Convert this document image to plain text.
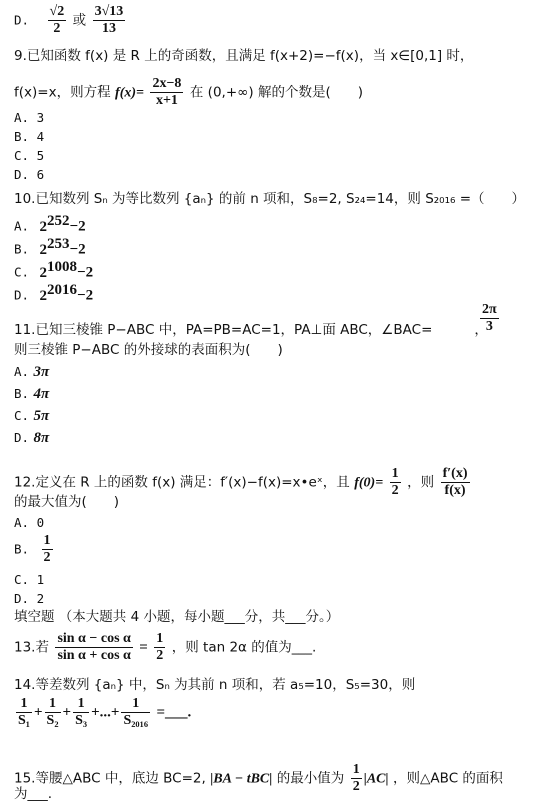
D. $\frac{√2}{2}$ 或 $\frac{3√13}{13}$
9.已知函数 f(x) 是 R 上的奇函数，且满足 f(x+2)=−f(x)，当 x∈[0,1] 时，
f(x)=x，则方程 $f(x)= \frac{2x-8}{x+1}$ 在 (0,+∞) 解的个数是(　　)
A. 3
B. 4
C. 5
D. 6
10.已知数列 Sₙ 为等比数列 {aₙ} 的前 n 项和，S₈=2, S₂₄=14，则 S₂₀₁₆ =（　　）
A. $2^{252}-2$
B. $2^{253}-2$
C. $2^{1008}-2$
D. $2^{2016}-2$
$\frac{2\pi}{3}$
11.已知三棱锥 P−ABC 中，PA=PB=AC=1，PA⊥面 ABC，∠BAC=	，
则三棱锥 P−ABC 的外接球的表面积为(　　)
A. 3π
B. 4π
C. 5π
D. 8π
12.定义在 R 上的函数 f(x) 满足：f′(x)−f(x)=x•eˣ，且 $f(0)= \frac{1}{2}$ ，则 $\frac{f'(x)}{f(x)}$
的最大值为(　　)
A. 0
B. $\frac{1}{2}$
C. 1
D. 2
填空题 （本大题共 4 小题，每小题___分，共___分。）
13.若 $\frac{\text{sin α − cos α}}{\text{sin α + cos α}} = \frac{1}{2}$ ，则 tan 2α 的值为___.
14.等差数列 {aₙ} 中，Sₙ 为其前 n 项和，若 a₅=10，S₅=30，则
$\frac{1}{\text{S₁}} + \frac{1}{\text{S₂}} + \frac{1}{\text{S₃}}$ +...+ $\frac{1}{\text{S₂₀₁₆}}$ =___.
15.等腰△ABC 中，底边 BC=2, |BA − tBC| 的最小值为 $\frac{1}{2} |AC|$ ，则△ABC 的面积
为___.
